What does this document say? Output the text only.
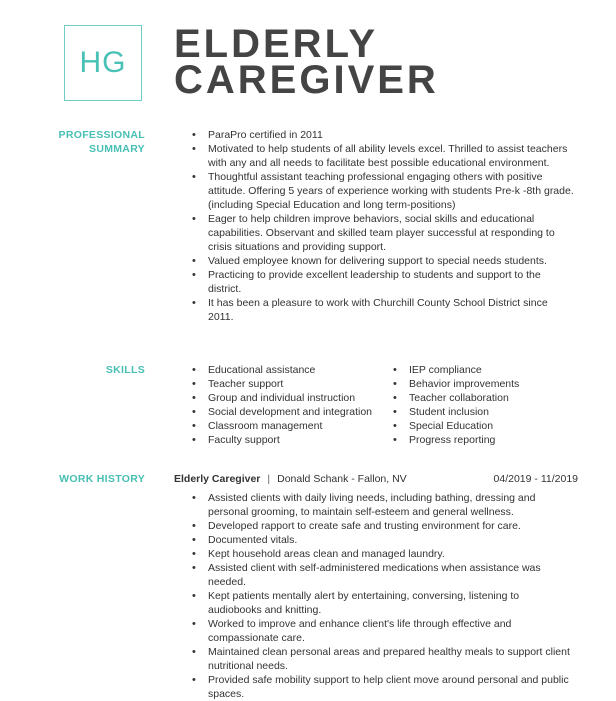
HG	ELDERLY
CAREGIVER
PROFESSIONAL
SUMMARY
• ParaPro certified in 2011
• Motivated to help students of all ability levels excel. Thrilled to assist teachers with any and all needs to facilitate best possible educational environment.
• Thoughtful assistant teaching professional engaging others with positive attitude. Offering 5 years of experience working with students Pre-k -8th grade. (including Special Education and long term-positions)
• Eager to help children improve behaviors, social skills and educational capabilities. Observant and skilled team player successful at responding to crisis situations and providing support.
• Valued employee known for delivering support to special needs students.
• Practicing to provide excellent leadership to students and support to the district.
• It has been a pleasure to work with Churchill County School District since 2011.
SKILLS
•	Educational assistance
• Teacher support
• Group and individual instruction
• Social development and integration
• Classroom management
• Faculty support
• IEP compliance
• Behavior improvements
• Teacher collaboration
• Student inclusion
• Special Education
• Progress reporting
WORK HISTORY	Elderly Caregiver | Donald Schank - Fallon, NV	04/2019 - 11/2019
• Assisted clients with daily living needs, including bathing, dressing and personal grooming, to maintain self-esteem and general wellness.
• Developed rapport to create safe and trusting environment for care.
• Documented vitals.
• Kept household areas clean and managed laundry.
• Assisted client with self-administered medications when assistance was needed.
• Kept patients mentally alert by entertaining, conversing, listening to audiobooks and knitting.
• Worked to improve and enhance client's life through effective and compassionate care.
• Maintained clean personal areas and prepared healthy meals to support client nutritional needs.
• Provided safe mobility support to help client move around personal and public spaces.
